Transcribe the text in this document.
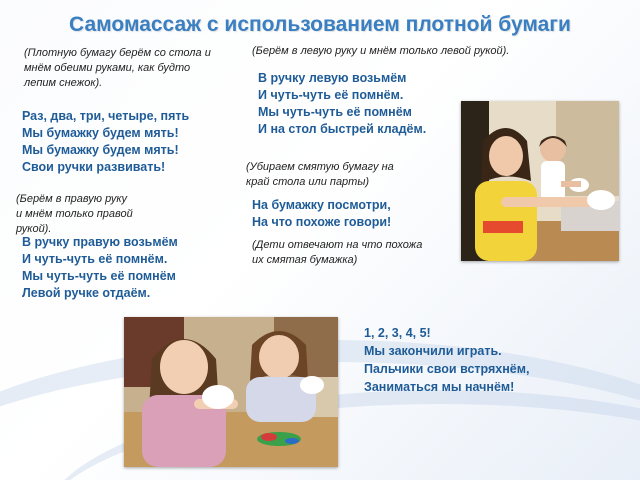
Самомассаж с использованием плотной бумаги

(Плотную бумагу берём со стола и
мнём обеими руками, как будто
лепим снежок).

Раз, два, три, четыре, пять
Мы бумажку будем мять!
Мы бумажку будем мять!
Свои ручки развивать!

(Берём в правую руку
и мнём только правой
рукой).

В ручку правую возьмём
И чуть-чуть её помнём.
Мы чуть-чуть её помнём
Левой ручке отдаём.

(Берём в левую руку и мнём только левой рукой).

В ручку левую возьмём
И чуть-чуть её помнём.
Мы чуть-чуть её помнём
И на стол быстрей кладём.

(Убираем смятую бумагу на
край стола или парты)

На бумажку посмотри,
На что похоже говори!

(Дети отвечают на что похожа
их смятая бумажка)

1, 2, 3, 4, 5!
Мы закончили играть.
Пальчики свои встряхнём,
Заниматься мы начнём!
